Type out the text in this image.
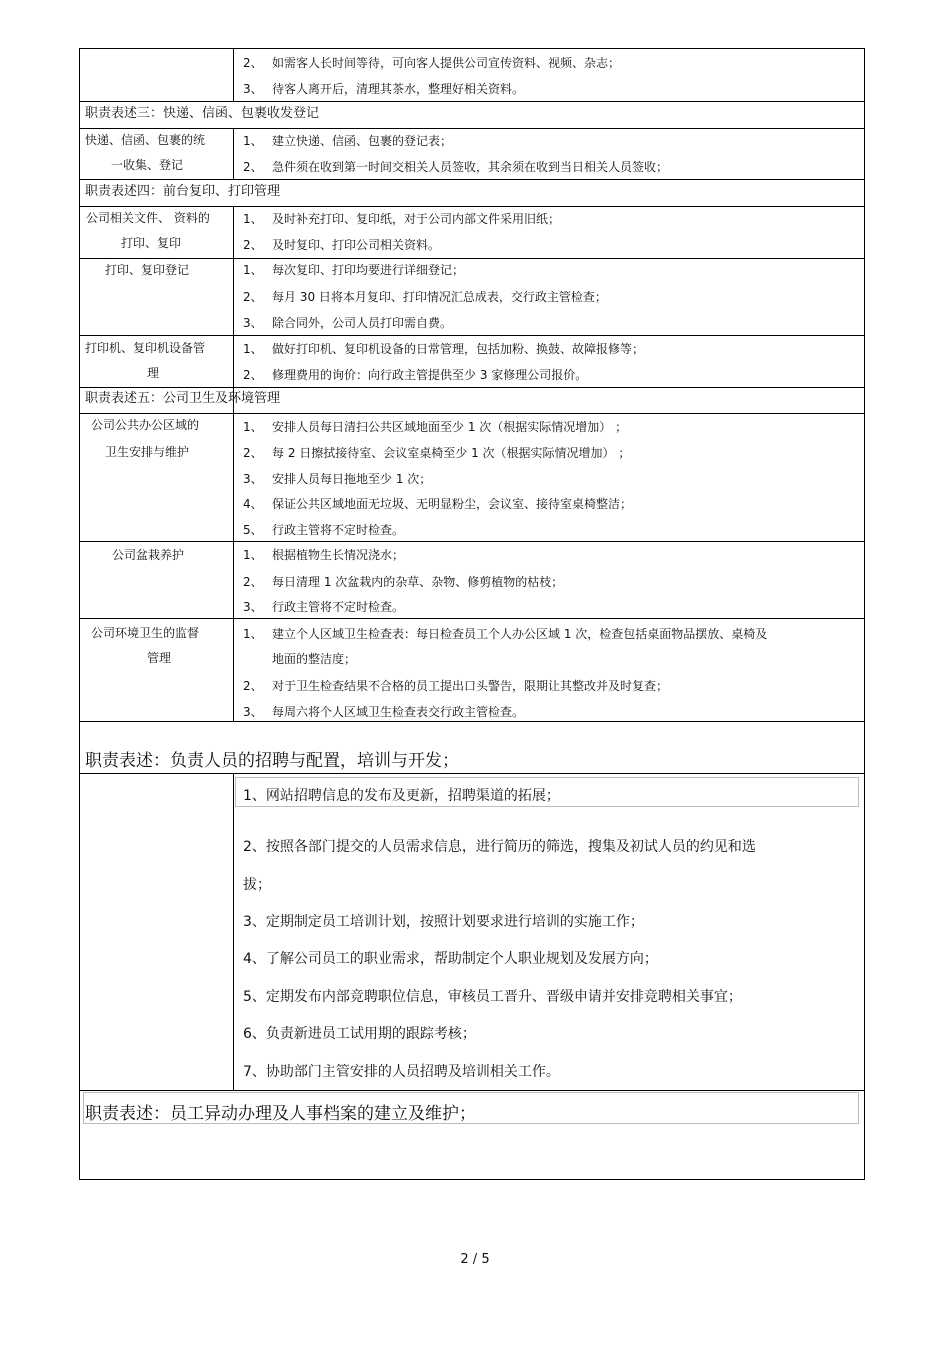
2、 如需客人长时间等待，可向客人提供公司宣传资料、视频、杂志；
3、 待客人离开后，清理其茶水，整理好相关资料。
职责表述三：快递、信函、包裹收发登记
快递、信函、包裹的统
一收集、登记
1、 建立快递、信函、包裹的登记表；
2、 急件须在收到第一时间交相关人员签收，其余须在收到当日相关人员签收；
职责表述四：前台复印、打印管理
公司相关文件、 资料的
打印、复印
1、 及时补充打印、复印纸，对于公司内部文件采用旧纸；
2、 及时复印、打印公司相关资料。
打印、复印登记	1、 每次复印、打印均要进行详细登记；
2、 每月 30 日将本月复印、打印情况汇总成表，交行政主管检查；
3、 除合同外，公司人员打印需自费。
打印机、复印机设备管
理
1、 做好打印机、复印机设备的日常管理，包括加粉、换鼓、故障报修等；
2、 修理费用的询价：向行政主管提供至少 3 家修理公司报价。
职责表述五：公司卫生及环境管理
公司公共办公区域的
卫生安排与维护
1、 安排人员每日清扫公共区域地面至少 1 次（根据实际情况增加） ；
2、 每 2 日擦拭接待室、会议室桌椅至少 1 次（根据实际情况增加） ；
3、 安排人员每日拖地至少 1 次；
4、 保证公共区域地面无垃圾、无明显粉尘，会议室、接待室桌椅整洁；
5、 行政主管将不定时检查。
公司盆栽养护	1、 根据植物生长情况浇水；
2、 每日清理 1 次盆栽内的杂草、杂物、修剪植物的枯枝；
3、 行政主管将不定时检查。
公司环境卫生的监督
管理
1、 建立个人区域卫生检查表：每日检查员工个人办公区域 1 次，检查包括桌面物品摆放、桌椅及
地面的整洁度；
2、 对于卫生检查结果不合格的员工提出口头警告，限期让其整改并及时复查；
3、 每周六将个人区域卫生检查表交行政主管检查。
职责表述：负责人员的招聘与配置，培训与开发；
1、网站招聘信息的发布及更新，招聘渠道的拓展；
2、按照各部门提交的人员需求信息，进行简历的筛选，搜集及初试人员的约见和选
拔；
3、定期制定员工培训计划，按照计划要求进行培训的实施工作；
4、了解公司员工的职业需求，帮助制定个人职业规划及发展方向；
5、定期发布内部竞聘职位信息，审核员工晋升、晋级申请并安排竞聘相关事宜；
6、负责新进员工试用期的跟踪考核；
7、协助部门主管安排的人员招聘及培训相关工作。
职责表述：员工异动办理及人事档案的建立及维护；
2 / 5
